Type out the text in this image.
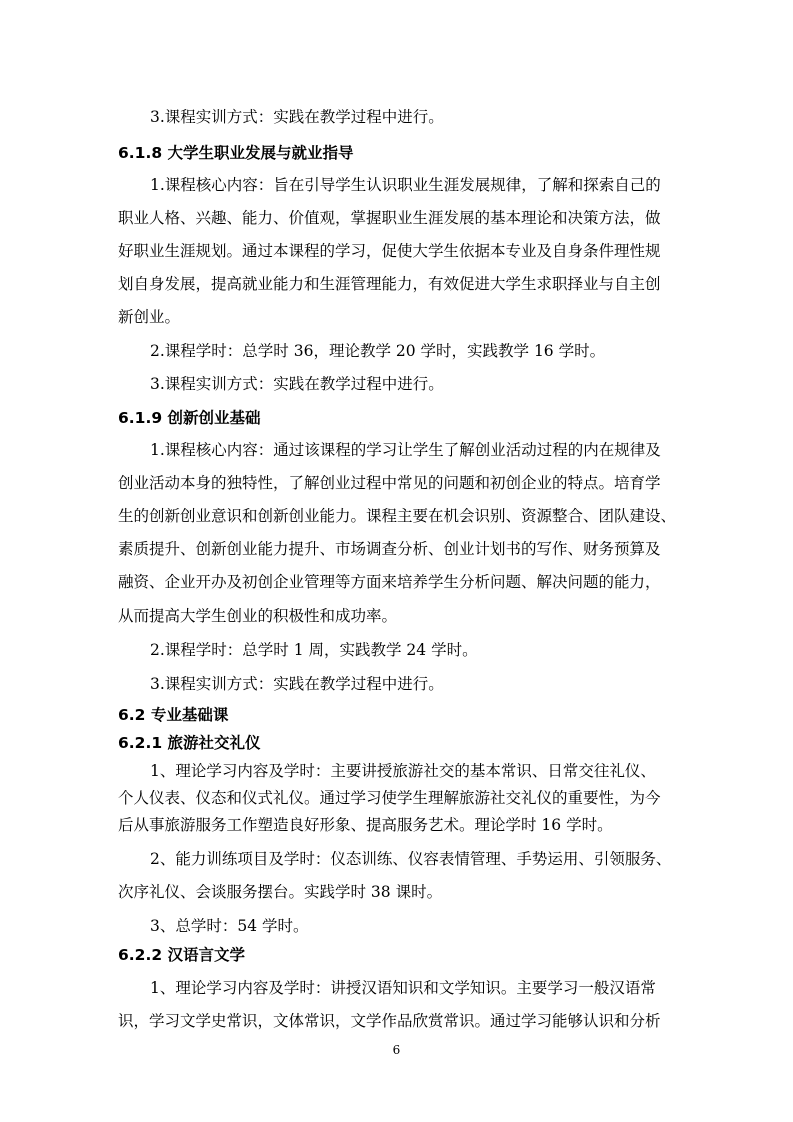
3.课程实训方式：实践在教学过程中进行。
6.1.8 大学生职业发展与就业指导
1.课程核心内容：旨在引导学生认识职业生涯发展规律，了解和探索自己的
职业人格、兴趣、能力、价值观，掌握职业生涯发展的基本理论和决策方法，做
好职业生涯规划。通过本课程的学习，促使大学生依据本专业及自身条件理性规
划自身发展，提高就业能力和生涯管理能力，有效促进大学生求职择业与自主创
新创业。
2.课程学时：总学时 36，理论教学 20 学时，实践教学 16 学时。
3.课程实训方式：实践在教学过程中进行。
6.1.9 创新创业基础
1.课程核心内容：通过该课程的学习让学生了解创业活动过程的内在规律及
创业活动本身的独特性，了解创业过程中常见的问题和初创企业的特点。培育学
生的创新创业意识和创新创业能力。课程主要在机会识别、资源整合、团队建设、
素质提升、创新创业能力提升、市场调查分析、创业计划书的写作、财务预算及
融资、企业开办及初创企业管理等方面来培养学生分析问题、解决问题的能力，
从而提高大学生创业的积极性和成功率。
2.课程学时：总学时 1 周，实践教学 24 学时。
3.课程实训方式：实践在教学过程中进行。
6.2 专业基础课
6.2.1 旅游社交礼仪
1、理论学习内容及学时：主要讲授旅游社交的基本常识、日常交往礼仪、
个人仪表、仪态和仪式礼仪。通过学习使学生理解旅游社交礼仪的重要性，为今
后从事旅游服务工作塑造良好形象、提高服务艺术。理论学时 16 学时。
2、能力训练项目及学时：仪态训练、仪容表情管理、手势运用、引领服务、
次序礼仪、会谈服务摆台。实践学时 38 课时。
3、总学时：54 学时。
6.2.2 汉语言文学
1、理论学习内容及学时：讲授汉语知识和文学知识。主要学习一般汉语常
识，学习文学史常识，文体常识，文学作品欣赏常识。通过学习能够认识和分析
6
